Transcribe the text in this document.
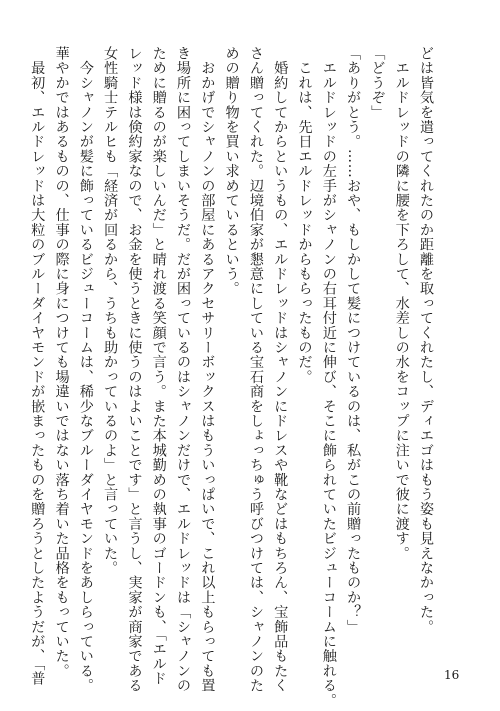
どは皆気を遣ってくれたのか距離を取ってくれたし、ディエゴはもう姿も見えなかった。
　エルドレッドの隣に腰を下ろして、水差しの水をコップに注いで彼に渡す。
「どうぞ」
「ありがとう。……おや、もしかして髪につけているのは、私がこの前贈ったものか？」
　エルドレッドの左手がシャノンの右耳付近に伸び、そこに飾られていたビジューコームに触れる。
　これは、先日エルドレッドからもらったものだ。
　婚約してからというもの、エルドレッドはシャノンにドレスや靴などはもちろん、宝飾品もたく
さん贈ってくれた。辺境伯家が懇意にしている宝石商をしょっちゅう呼びつけては、シャノンのた
めの贈り物を買い求めているという。
　おかげでシャノンの部屋にあるアクセサリーボックスはもういっぱいで、これ以上もらっても置
き場所に困ってしまいそうだ。だが困っているのはシャノンだけで、エルドレッドは「シャノンの
ために贈るのが楽しいんだ」と晴れ渡る笑顔で言う。また本城勤めの執事のゴードンも、「エルド
レッド様は倹約家なので、お金を使うときに使うのはよいことです」と言うし、実家が商家である
女性騎士テルヒも「経済が回るから、うちも助かっているのよ」と言っていた。
　今シャノンが髪に飾っているビジューコームは、稀少なブルーダイヤモンドをあしらっている。
華やかではあるものの、仕事の際に身につけても場違いではない落ち着いた品格をもっていた。
　最初、エルドレッドは大粒のブルーダイヤモンドが嵌まったものを贈ろうとしたようだが、「普	16
